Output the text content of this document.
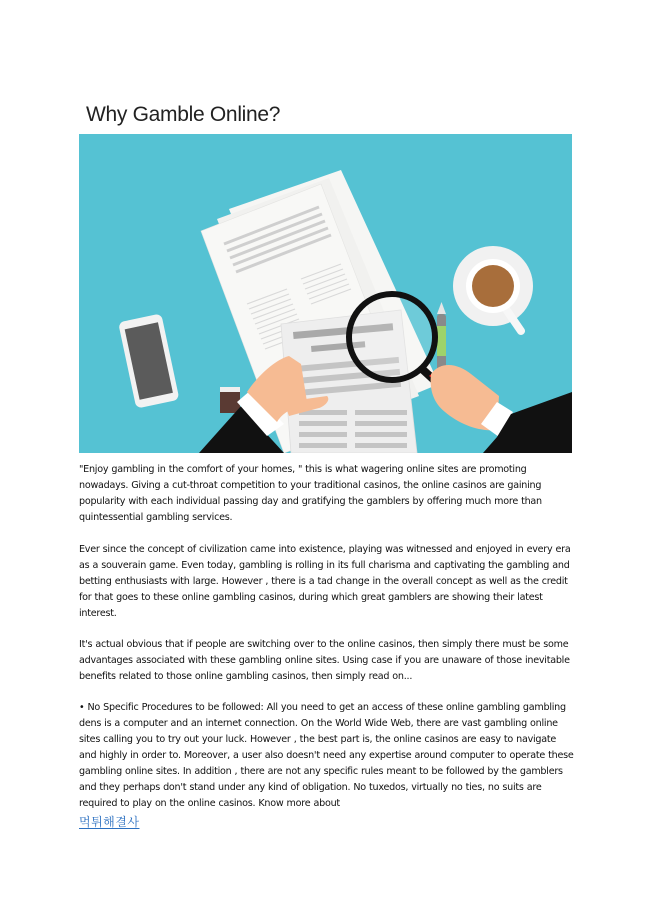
Why Gamble Online?

"Enjoy gambling in the comfort of your homes, " this is what wagering online sites are promoting nowadays. Giving a cut-throat competition to your traditional casinos, the online casinos are gaining popularity with each individual passing day and gratifying the gamblers by offering much more than quintessential gambling services.

Ever since the concept of civilization came into existence, playing was witnessed and enjoyed in every era as a souverain game. Even today, gambling is rolling in its full charisma and captivating the gambling and betting enthusiasts with large. However , there is a tad change in the overall concept as well as the credit for that goes to these online gambling casinos, during which great gamblers are showing their latest interest.

It's actual obvious that if people are switching over to the online casinos, then simply there must be some advantages associated with these gambling online sites. Using case if you are unaware of those inevitable benefits related to those online gambling casinos, then simply read on...

• No Specific Procedures to be followed: All you need to get an access of these online gambling gambling dens is a computer and an internet connection. On the World Wide Web, there are vast gambling online sites calling you to try out your luck. However , the best part is, the online casinos are easy to navigate and highly in order to. Moreover, a user also doesn't need any expertise around computer to operate these gambling online sites. In addition , there are not any specific rules meant to be followed by the gamblers and they perhaps don't stand under any kind of obligation. No tuxedos, virtually no ties, no suits are required to play on the online casinos. Know more about

먹튀해결사
